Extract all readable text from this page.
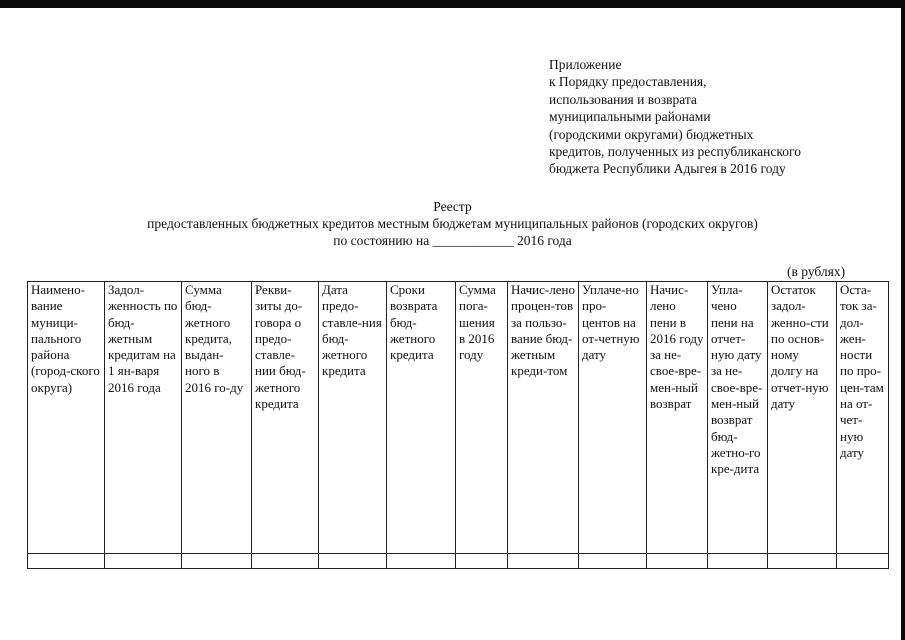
Приложение
к Порядку предоставления,
использования и возврата
муниципальными районами
(городскими округами) бюджетных
кредитов, полученных из республиканского
бюджета Республики Адыгея в 2016 году
Реестр
предоставленных бюджетных кредитов местным бюджетам муниципальных районов (городских округов)
по состоянию на ____________ 2016 года
(в рублях)
Наимено-вание муници-пального района (город-ского округа)	Задол-женность по бюд-жетным кредитам на 1 ян-варя 2016 года	Сумма бюд-жетного кредита, выдан-ного в 2016 го-ду	Рекви-зиты до-говора о предо-ставле-нии бюд-жетного кредита	Дата предо-ставле-ния бюд-жетного кредита	Сроки возврата бюд-жетного кредита	Сумма пога-шения в 2016 году	Начис-лено процен-тов за пользо-вание бюд-жетным креди-том	Уплаче-но про-центов на от-четную дату	Начис-лено пени в 2016 году за не-своe-вре-мен-ный возврат	Упла-чено пени на отчет-ную дату за не-свое-вре-мен-ный возврат бюд-жетно-го кре-дита	Остаток задол-женно-сти по основ-ному долгу на отчет-ную дату	Оста-ток за-дол-жен-ности по про-цен-там на от-чет-ную дату
